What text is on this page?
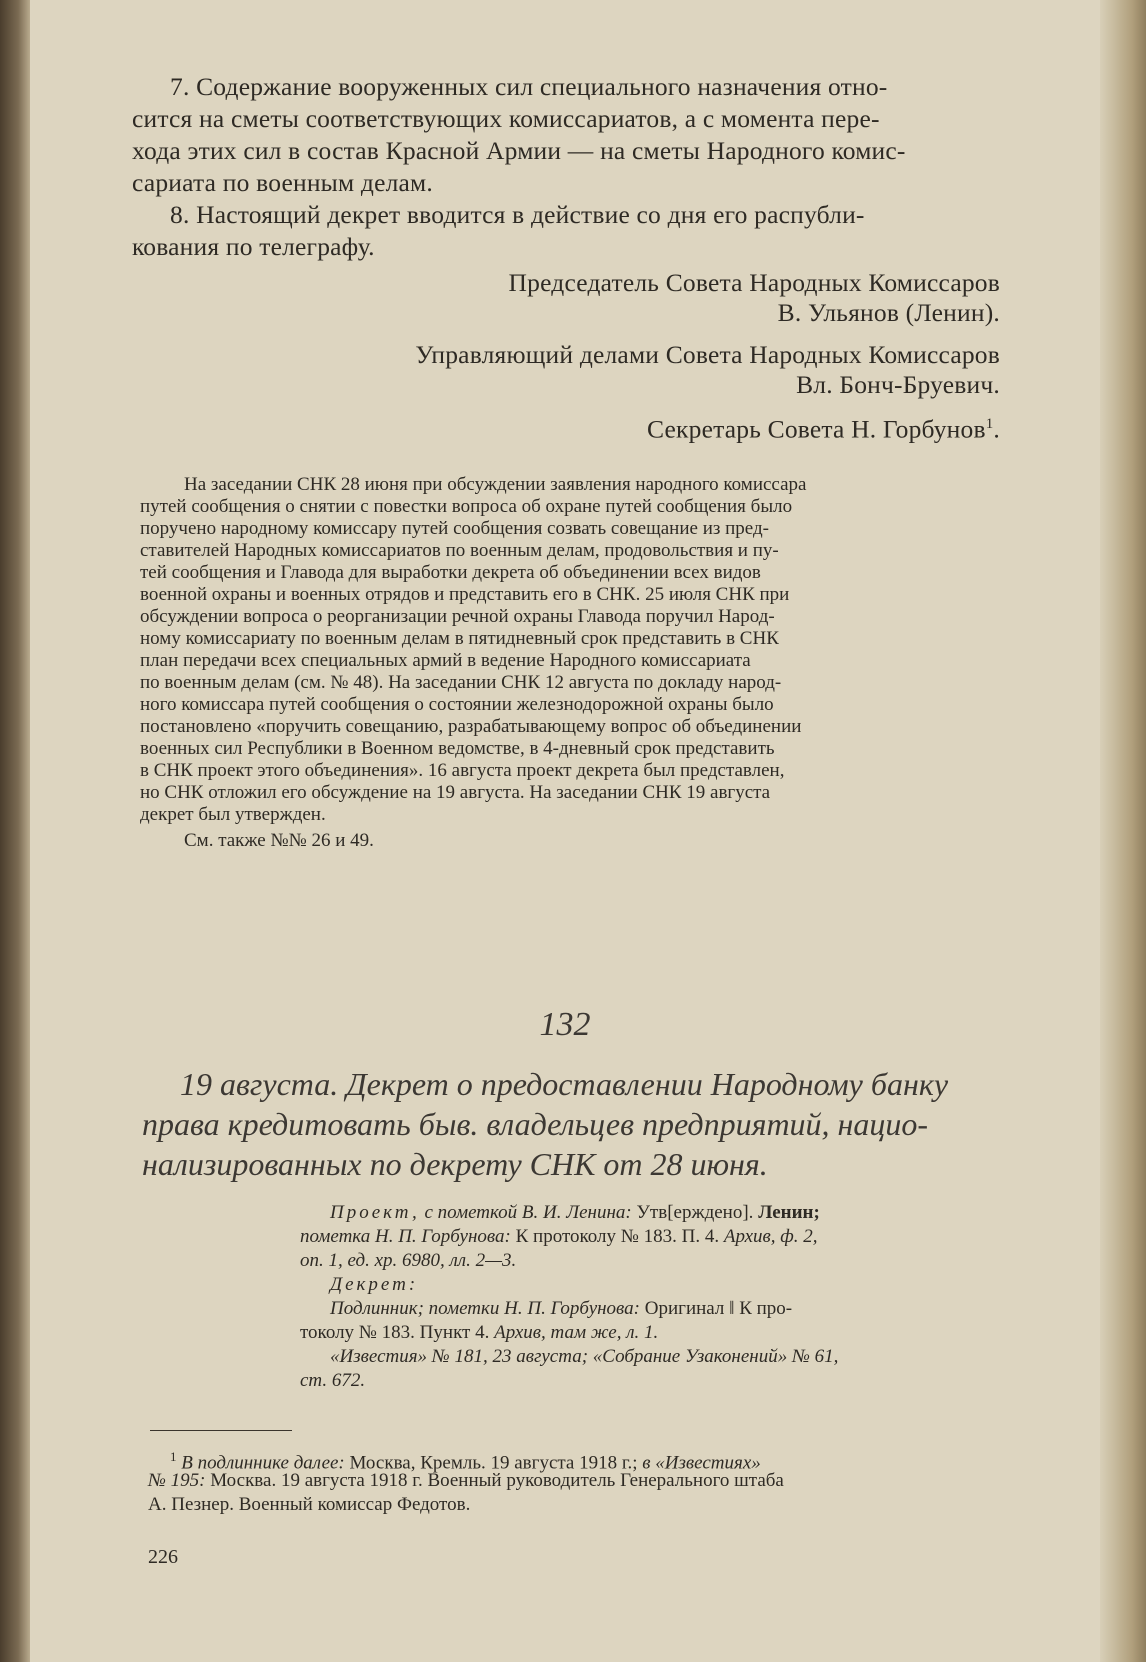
7. Содержание вооруженных сил специального назначения отно-
сится на сметы соответствующих комиссариатов, а с момента пере-
хода этих сил в состав Красной Армии — на сметы Народного комис-
сариата по военным делам.
8. Настоящий декрет вводится в действие со дня его распубли-
кования по телеграфу.
Председатель Совета Народных Комиссаров
В. Ульянов (Ленин).
Управляющий делами Совета Народных Комиссаров
Вл. Бонч-Бруевич.
Секретарь Совета Н. Горбунов$^1$.
На заседании СНК 28 июня при обсуждении заявления народного комиссара
путей сообщения о снятии с повестки вопроса об охране путей сообщения было
поручено народному комиссару путей сообщения созвать совещание из пред-
ставителей Народных комиссариатов по военным делам, продовольствия и пу-
тей сообщения и Главода для выработки декрета об объединении всех видов
военной охраны и военных отрядов и представить его в СНК. 25 июля СНК при
обсуждении вопроса о реорганизации речной охраны Главода поручил Народ-
ному комиссариату по военным делам в пятидневный срок представить в СНК
план передачи всех специальных армий в ведение Народного комиссариата
по военным делам (см. № 48). На заседании СНК 12 августа по докладу народ-
ного комиссара путей сообщения о состоянии железнодорожной охраны было
постановлено «поручить совещанию, разрабатывающему вопрос об объединении
военных сил Республики в Военном ведомстве, в 4-дневный срок представить
в СНК проект этого объединения». 16 августа проект декрета был представлен,
но СНК отложил его обсуждение на 19 августа. На заседании СНК 19 августа
декрет был утвержден.
См. также №№ 26 и 49.
132
19 августа. Декрет о предоставлении Народному банку
права кредитовать быв. владельцев предприятий, нацио-
нализированных по декрету СНК от 28 июня.
Проект, с пометкой В. И. Ленина: Утв[ерждено]. Ленин;
пометка Н. П. Горбунова: К протоколу № 183. П. 4. Архив, ф. 2,
оп. 1, ед. хр. 6980, лл. 2—3.
Декрет:
Подлинник; пометки Н. П. Горбунова: Оригинал ‖ К про-
токолу № 183. Пункт 4. Архив, там же, л. 1.
«Известия» № 181, 23 августа; «Собрание Узаконений» № 61,
ст. 672.
$^1$ В подлиннике далее: Москва, Кремль. 19 августа 1918 г.; в «Известиях»
№ 195: Москва. 19 августа 1918 г. Военный руководитель Генерального штаба
А. Пезнер. Военный комиссар Федотов.
226
